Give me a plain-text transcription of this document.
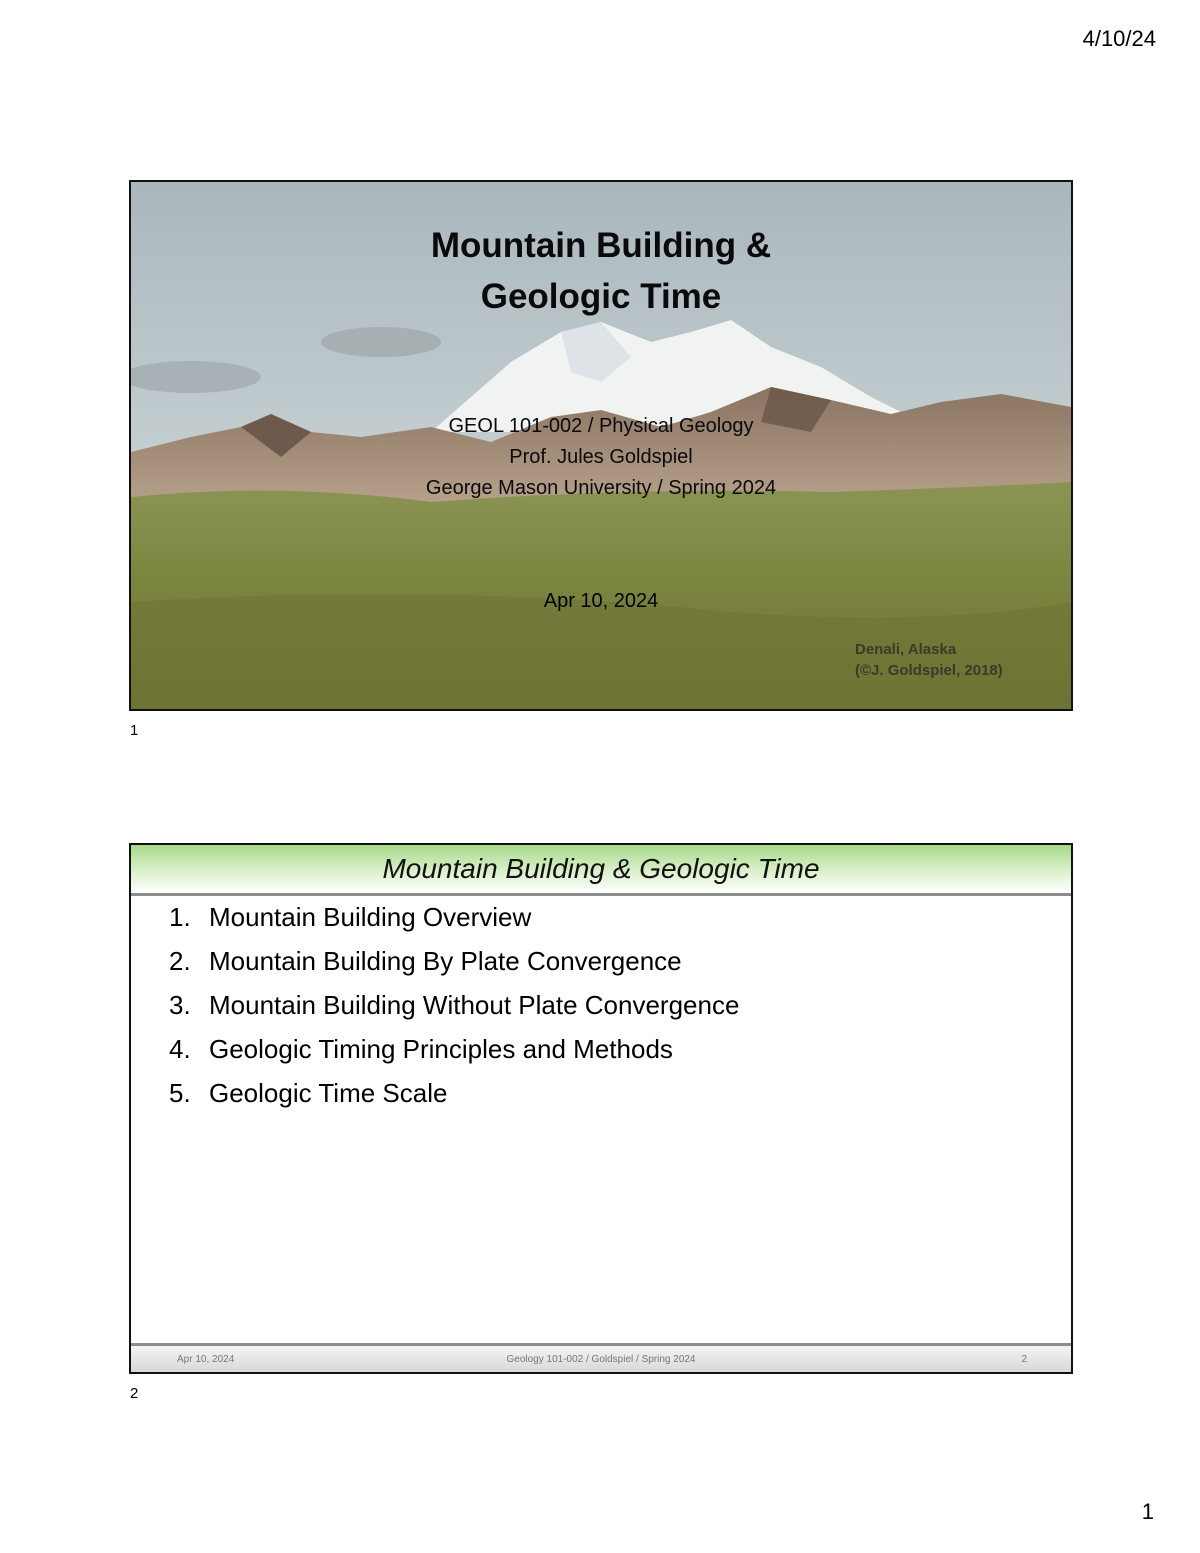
4/10/24
Mountain Building &
Geologic Time
GEOL 101-002 / Physical Geology
Prof. Jules Goldspiel
George Mason University / Spring 2024
Apr 10, 2024
Denali, Alaska
(©J. Goldspiel, 2018)
1
Mountain Building & Geologic Time
1. Mountain Building Overview
2. Mountain Building By Plate Convergence
3. Mountain Building Without Plate Convergence
4. Geologic Timing Principles and Methods
5. Geologic Time Scale
Apr 10, 2024	Geology 101-002 / Goldspiel / Spring 2024	2
2
1
